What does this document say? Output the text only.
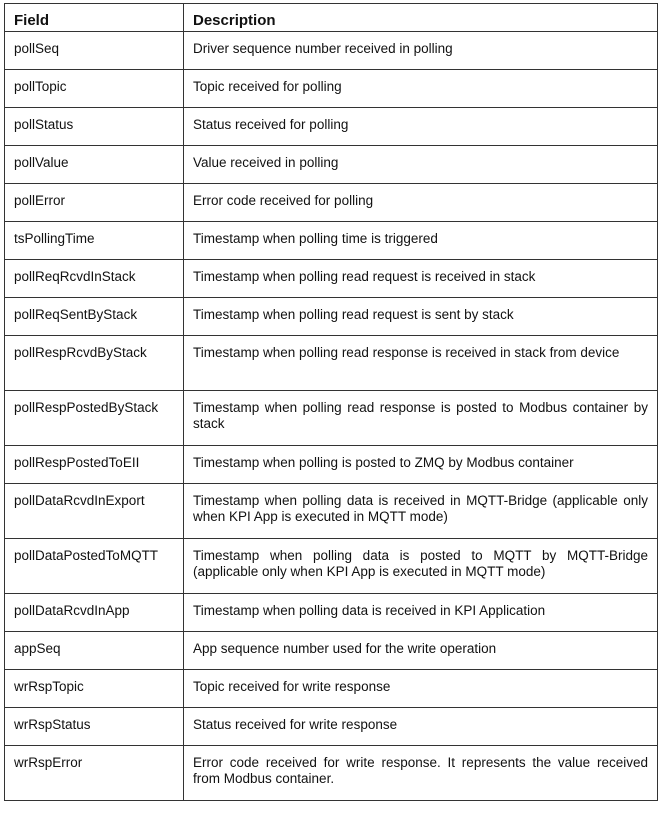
Field	Description
pollSeq	Driver sequence number received in polling
pollTopic	Topic received for polling
pollStatus	Status received for polling
pollValue	Value received in polling
pollError	Error code received for polling
tsPollingTime	Timestamp when polling time is triggered
pollReqRcvdInStack	Timestamp when polling read request is received in stack
pollReqSentByStack	Timestamp when polling read request is sent by stack
pollRespRcvdByStack	Timestamp when polling read response is received in stack from device
pollRespPostedByStack	Timestamp when polling read response is posted to Modbus container by stack
pollRespPostedToEII	Timestamp when polling is posted to ZMQ by Modbus container
pollDataRcvdInExport	Timestamp when polling data is received in MQTT-Bridge (applicable only when KPI App is executed in MQTT mode)
pollDataPostedToMQTT	Timestamp when polling data is posted to MQTT by MQTT-Bridge (applicable only when KPI App is executed in MQTT mode)
pollDataRcvdInApp	Timestamp when polling data is received in KPI Application
appSeq	App sequence number used for the write operation
wrRspTopic	Topic received for write response
wrRspStatus	Status received for write response
wrRspError	Error code received for write response. It represents the value received from Modbus container.
